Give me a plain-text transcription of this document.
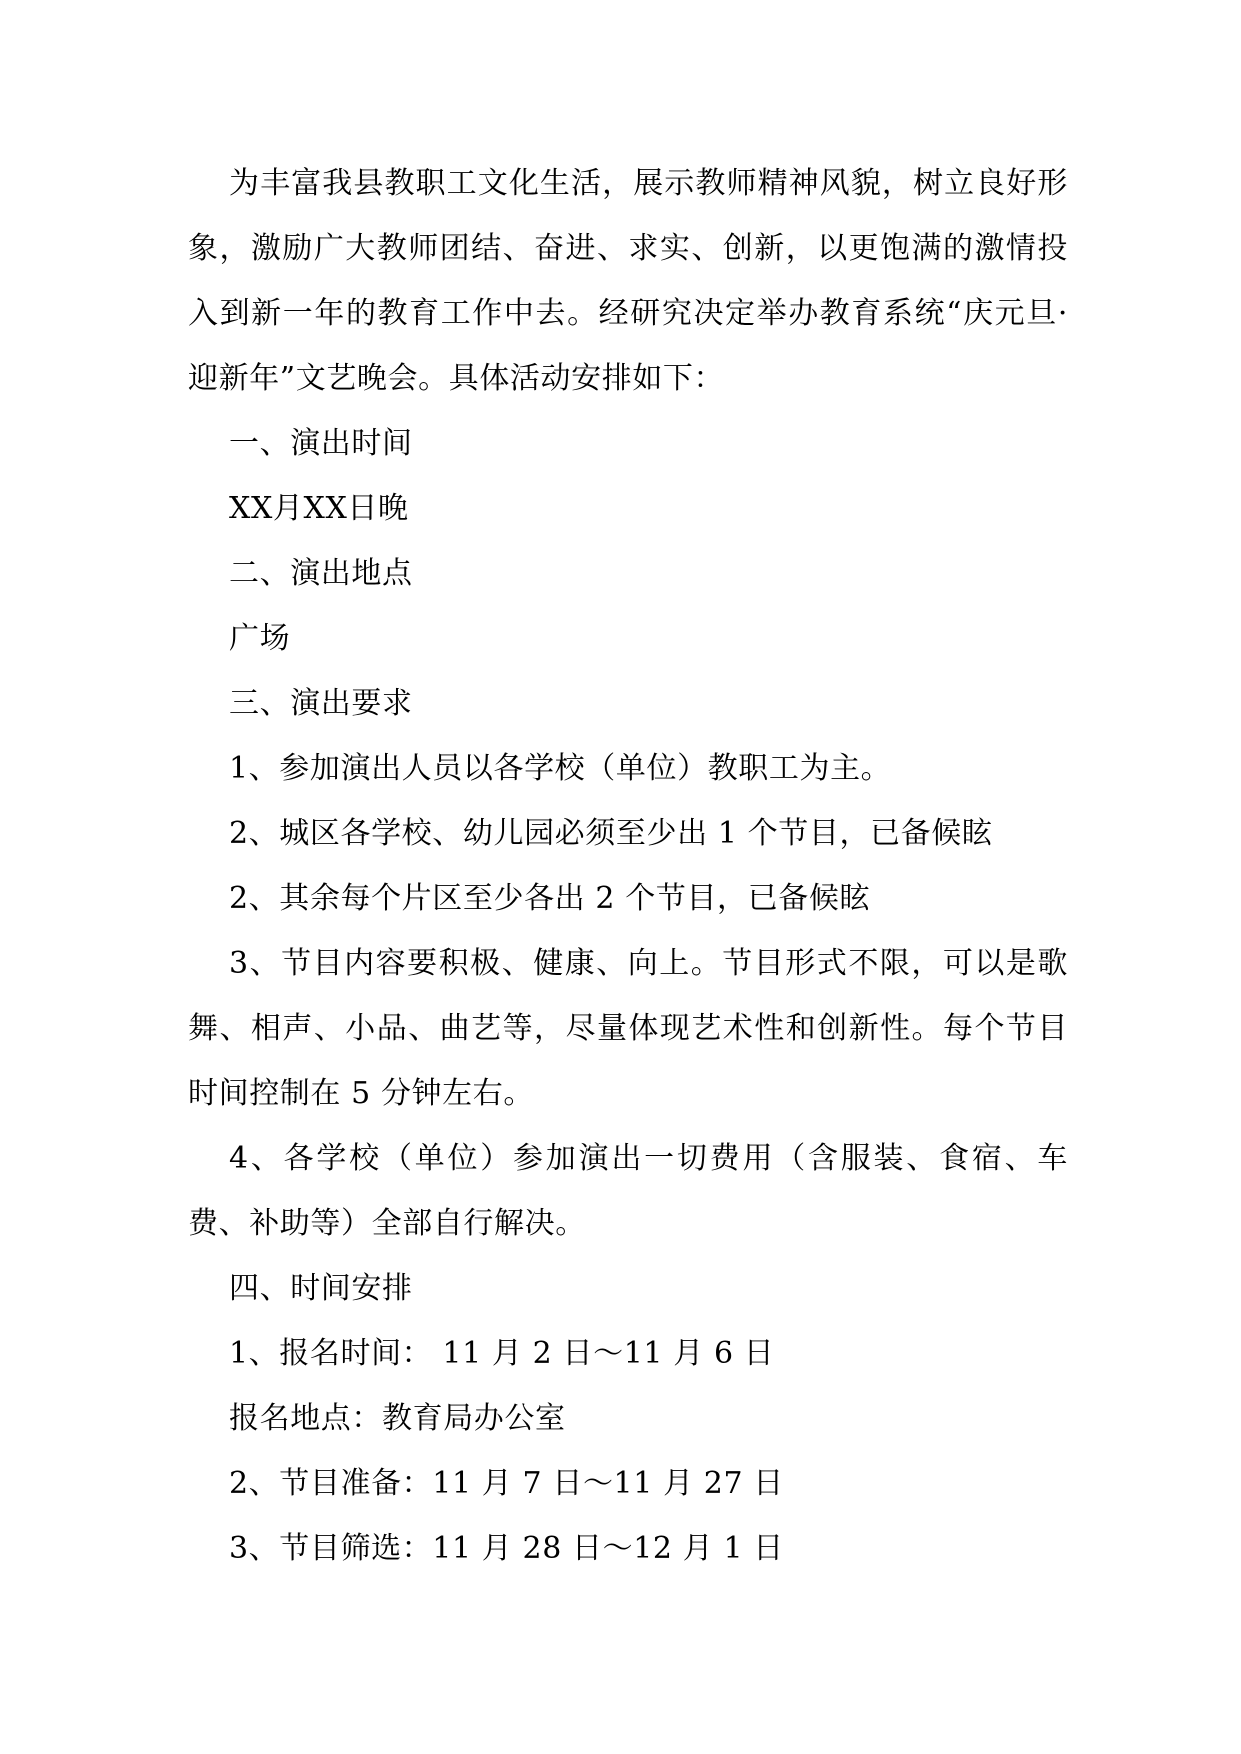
为丰富我县教职工文化生活，展示教师精神风貌，树立良好形象，激励广大教师团结、奋进、求实、创新，以更饱满的激情投入到新一年的教育工作中去。经研究决定举办教育系统“庆元旦·迎新年”文艺晚会。具体活动安排如下：

一、演出时间

XX月XX日晚

二、演出地点

广场

三、演出要求

1、参加演出人员以各学校（单位）教职工为主。

2、城区各学校、幼儿园必须至少出 1 个节目，已备候眩

2、其余每个片区至少各出 2 个节目，已备候眩

3、节目内容要积极、健康、向上。节目形式不限，可以是歌舞、相声、小品、曲艺等，尽量体现艺术性和创新性。每个节目时间控制在 5 分钟左右。

4、各学校（单位）参加演出一切费用（含服装、食宿、车费、补助等）全部自行解决。

四、时间安排

1、报名时间： 11 月 2 日～11 月 6 日

报名地点：教育局办公室

2、节目准备：11 月 7 日～11 月 27 日

3、节目筛选：11 月 28 日～12 月 1 日
